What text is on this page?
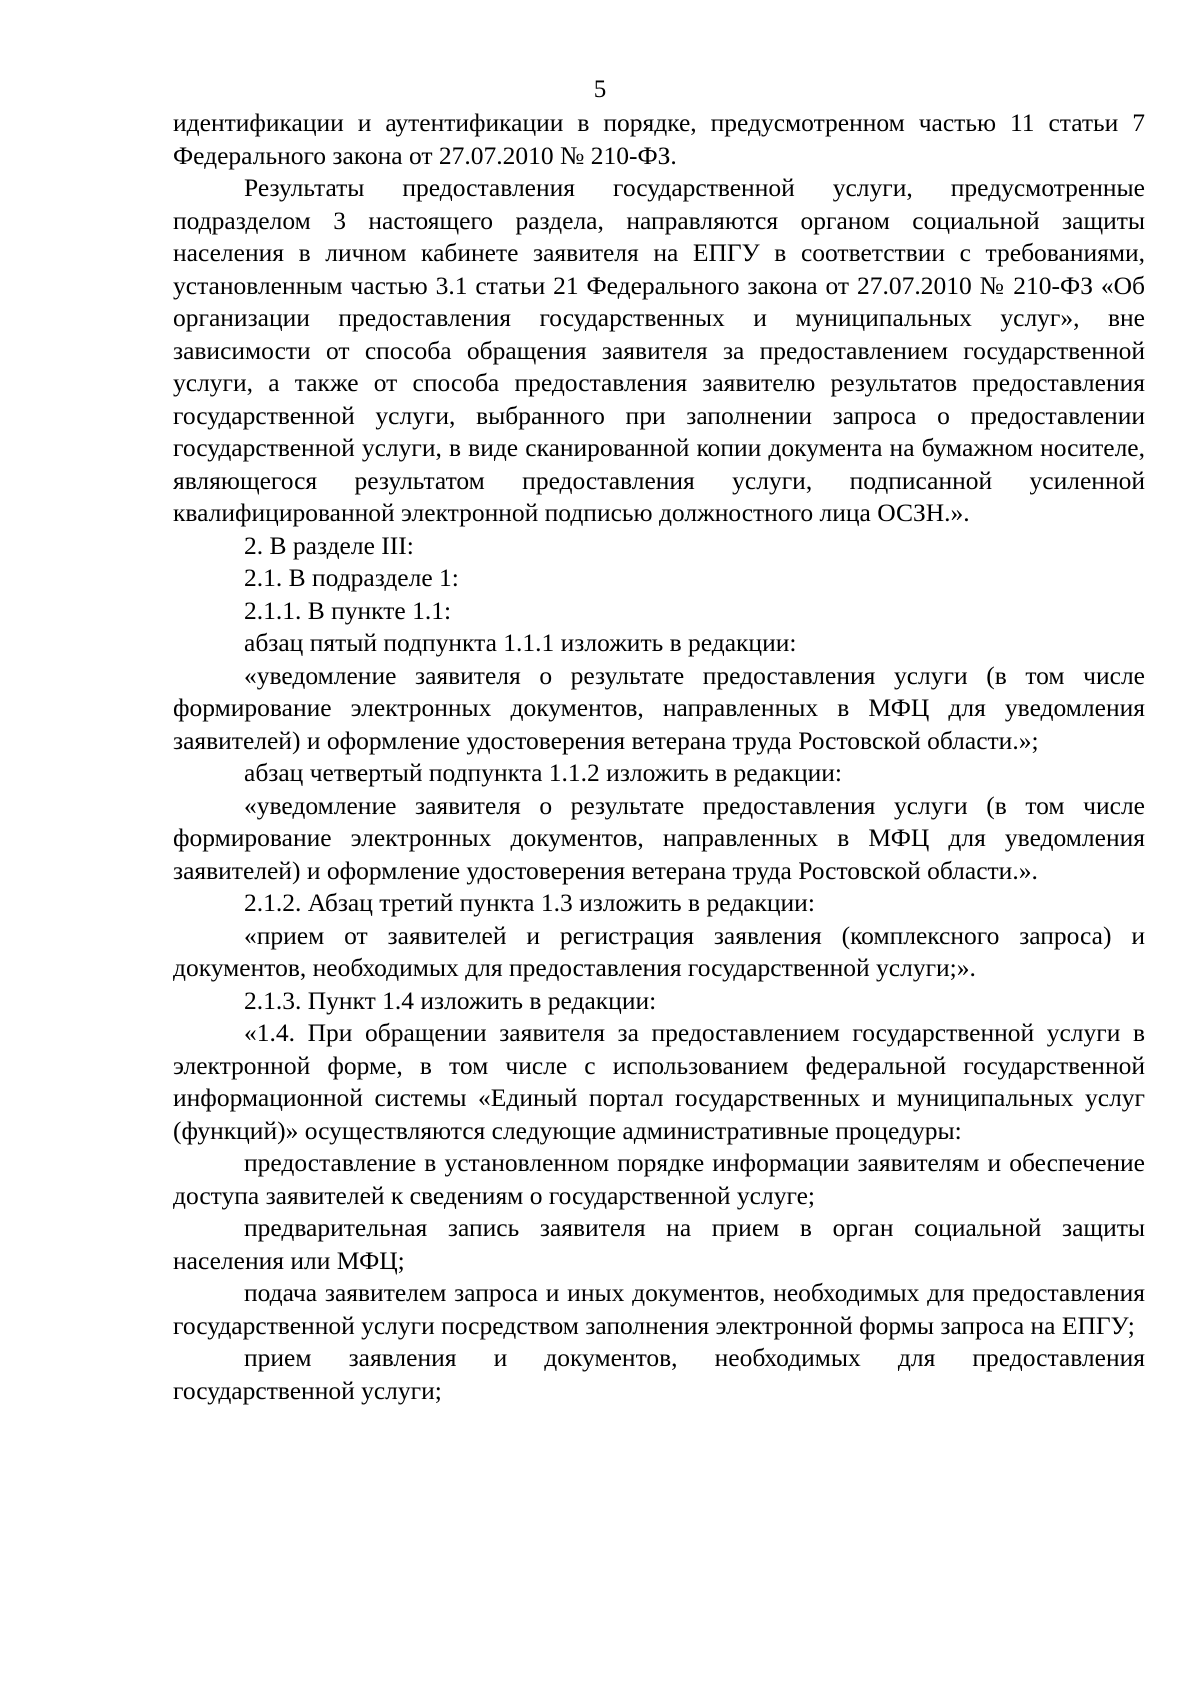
5

идентификации и аутентификации в порядке, предусмотренном частью 11 статьи 7 Федерального закона от 27.07.2010 № 210-ФЗ.

Результаты предоставления государственной услуги, предусмотренные подразделом 3 настоящего раздела, направляются органом социальной защиты населения в личном кабинете заявителя на ЕПГУ в соответствии с требованиями, установленным частью 3.1 статьи 21 Федерального закона от 27.07.2010 № 210-ФЗ «Об организации предоставления государственных и муниципальных услуг», вне зависимости от способа обращения заявителя за предоставлением государственной услуги, а также от способа предоставления заявителю результатов предоставления государственной услуги, выбранного при заполнении запроса о предоставлении государственной услуги, в виде сканированной копии документа на бумажном носителе, являющегося результатом предоставления услуги, подписанной усиленной квалифицированной электронной подписью должностного лица ОСЗН.».

2. В разделе III:

2.1. В подразделе 1:

2.1.1. В пункте 1.1:

абзац пятый подпункта 1.1.1 изложить в редакции:

«уведомление заявителя о результате предоставления услуги (в том числе формирование электронных документов, направленных в МФЦ для уведомления заявителей) и оформление удостоверения ветерана труда Ростовской области.»;

абзац четвертый подпункта 1.1.2 изложить в редакции:

«уведомление заявителя о результате предоставления услуги (в том числе формирование электронных документов, направленных в МФЦ для уведомления заявителей) и оформление удостоверения ветерана труда Ростовской области.».

2.1.2. Абзац третий пункта 1.3 изложить в редакции:

«прием от заявителей и регистрация заявления (комплексного запроса) и документов, необходимых для предоставления государственной услуги;».

2.1.3. Пункт 1.4 изложить в редакции:

«1.4. При обращении заявителя за предоставлением государственной услуги в электронной форме, в том числе с использованием федеральной государственной информационной системы «Единый портал государственных и муниципальных услуг (функций)» осуществляются следующие административные процедуры:

предоставление в установленном порядке информации заявителям и обеспечение доступа заявителей к сведениям о государственной услуге;

предварительная запись заявителя на прием в орган социальной защиты населения или МФЦ;

подача заявителем запроса и иных документов, необходимых для предоставления государственной услуги посредством заполнения электронной формы запроса на ЕПГУ;

прием заявления и документов, необходимых для предоставления государственной услуги;
